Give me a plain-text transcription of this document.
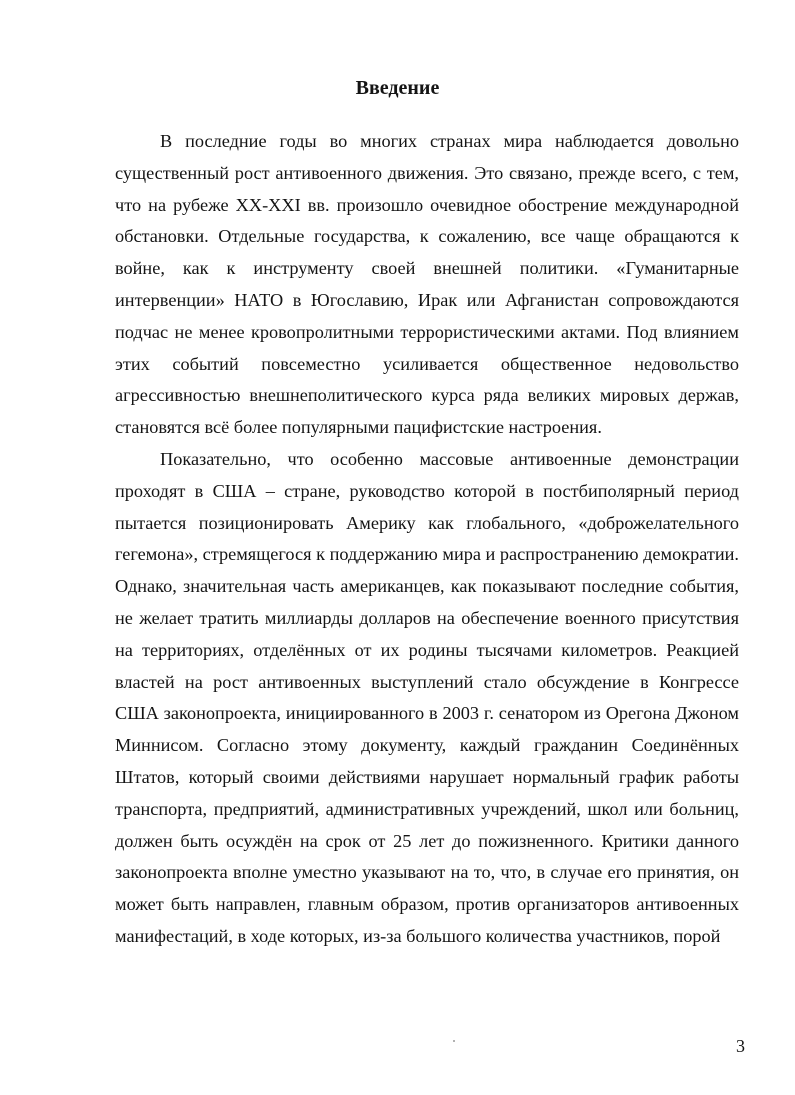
Введение

В последние годы во многих странах мира наблюдается довольно существенный рост антивоенного движения. Это связано, прежде всего, с тем, что на рубеже XX-XXI вв. произошло очевидное обострение международной обстановки. Отдельные государства, к сожалению, все чаще обращаются к войне, как к инструменту своей внешней политики. «Гуманитарные интервенции» НАТО в Югославию, Ирак или Афганистан сопровождаются подчас не менее кровопролитными террористическими актами. Под влиянием этих событий повсеместно усиливается общественное недовольство агрессивностью внешнеполитического курса ряда великих мировых держав, становятся всё более популярными пацифистские настроения.

Показательно, что особенно массовые антивоенные демонстрации проходят в США – стране, руководство которой в постбиполярный период пытается позиционировать Америку как глобального, «доброжелательного гегемона», стремящегося к поддержанию мира и распространению демократии. Однако, значительная часть американцев, как показывают последние события, не желает тратить миллиарды долларов на обеспечение военного присутствия на территориях, отделённых от их родины тысячами километров. Реакцией властей на рост антивоенных выступлений стало обсуждение в Конгрессе США законопроекта, инициированного в 2003 г. сенатором из Орегона Джоном Миннисом. Согласно этому документу, каждый гражданин Соединённых Штатов, который своими действиями нарушает нормальный график работы транспорта, предприятий, административных учреждений, школ или больниц, должен быть осуждён на срок от 25 лет до пожизненного. Критики данного законопроекта вполне уместно указывают на то, что, в случае его принятия, он может быть направлен, главным образом, против организаторов антивоенных манифестаций, в ходе которых, из-за большого количества участников, порой

3
